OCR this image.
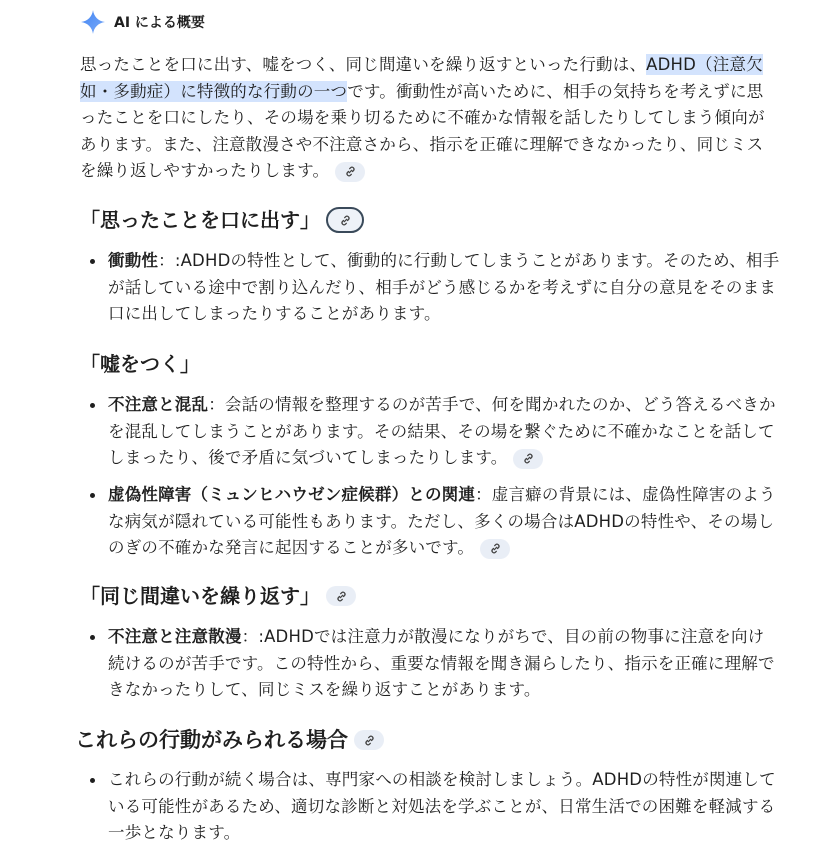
AI による概要

思ったことを口に出す、嘘をつく、同じ間違いを繰り返すといった行動は、ADHD（注意欠如・多動症）に特徴的な行動の一つです。衝動性が高いために、相手の気持ちを考えずに思ったことを口にしたり、その場を乗り切るために不確かな情報を話したりしてしまう傾向があります。また、注意散漫さや不注意さから、指示を正確に理解できなかったり、同じミスを繰り返しやすかったりします。

「思ったことを口に出す」
衝動性：:ADHDの特性として、衝動的に行動してしまうことがあります。そのため、相手が話している途中で割り込んだり、相手がどう感じるかを考えずに自分の意見をそのまま口に出してしまったりすることがあります。
「嘘をつく」
不注意と混乱：会話の情報を整理するのが苦手で、何を聞かれたのか、どう答えるべきかを混乱してしまうことがあります。その結果、その場を繋ぐために不確かなことを話してしまったり、後で矛盾に気づいてしまったりします。
虚偽性障害（ミュンヒハウゼン症候群）との関連：虚言癖の背景には、虚偽性障害のような病気が隠れている可能性もあります。ただし、多くの場合はADHDの特性や、その場しのぎの不確かな発言に起因することが多いです。
「同じ間違いを繰り返す」
不注意と注意散漫：:ADHDでは注意力が散漫になりがちで、目の前の物事に注意を向け続けるのが苦手です。この特性から、重要な情報を聞き漏らしたり、指示を正確に理解できなかったりして、同じミスを繰り返すことがあります。
これらの行動がみられる場合
これらの行動が続く場合は、専門家への相談を検討しましょう。ADHDの特性が関連している可能性があるため、適切な診断と対処法を学ぶことが、日常生活での困難を軽減する一歩となります。
